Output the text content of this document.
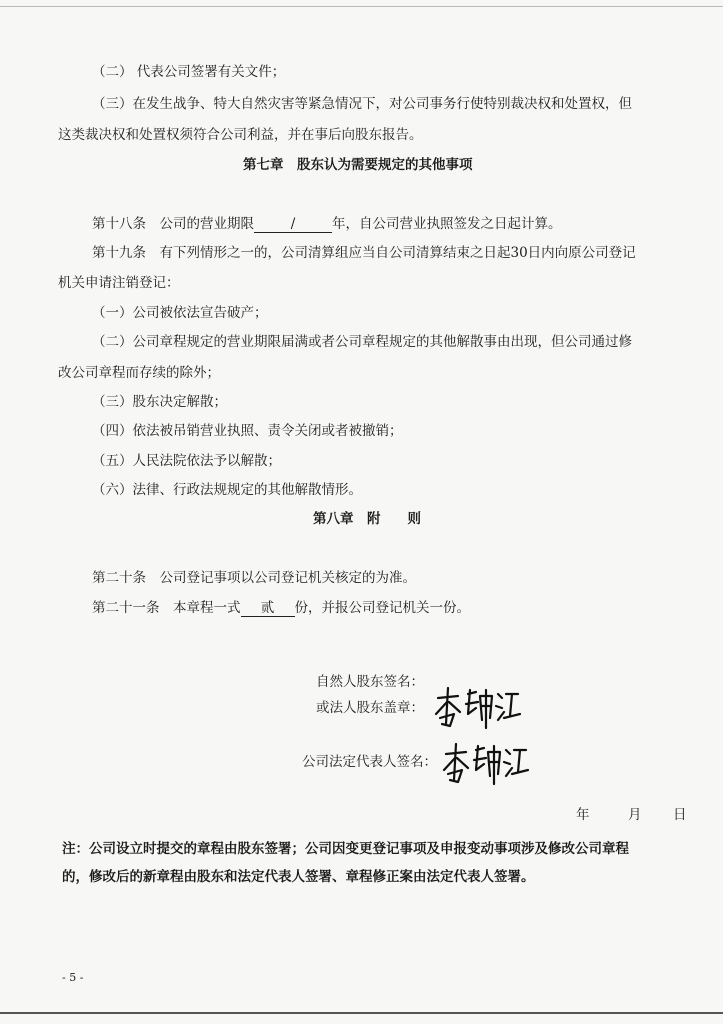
（二） 代表公司签署有关文件；
（三）在发生战争、特大自然灾害等紧急情况下，对公司事务行使特别裁决权和处置权，但
这类裁决权和处置权须符合公司利益，并在事后向股东报告。
第七章　股东认为需要规定的其他事项
第十八条　公司的营业期限	/	年，自公司营业执照签发之日起计算。
第十九条　有下列情形之一的，公司清算组应当自公司清算结束之日起30日内向原公司登记
机关申请注销登记：
（一）公司被依法宣告破产；
（二）公司章程规定的营业期限届满或者公司章程规定的其他解散事由出现，但公司通过修
改公司章程而存续的除外；
（三）股东决定解散；
（四）依法被吊销营业执照、责令关闭或者被撤销；
（五）人民法院依法予以解散；
（六）法律、行政法规规定的其他解散情形。
第八章　附　　则
第二十条　公司登记事项以公司登记机关核定的为准。
第二十一条　本章程一式 贰 份，并报公司登记机关一份。
自然人股东签名：
或法人股东盖章：
公司法定代表人签名：
年	月 日
注：公司设立时提交的章程由股东签署；公司因变更登记事项及申报变动事项涉及修改公司章程
的，修改后的新章程由股东和法定代表人签署、章程修正案由法定代表人签署。
- 5 -
